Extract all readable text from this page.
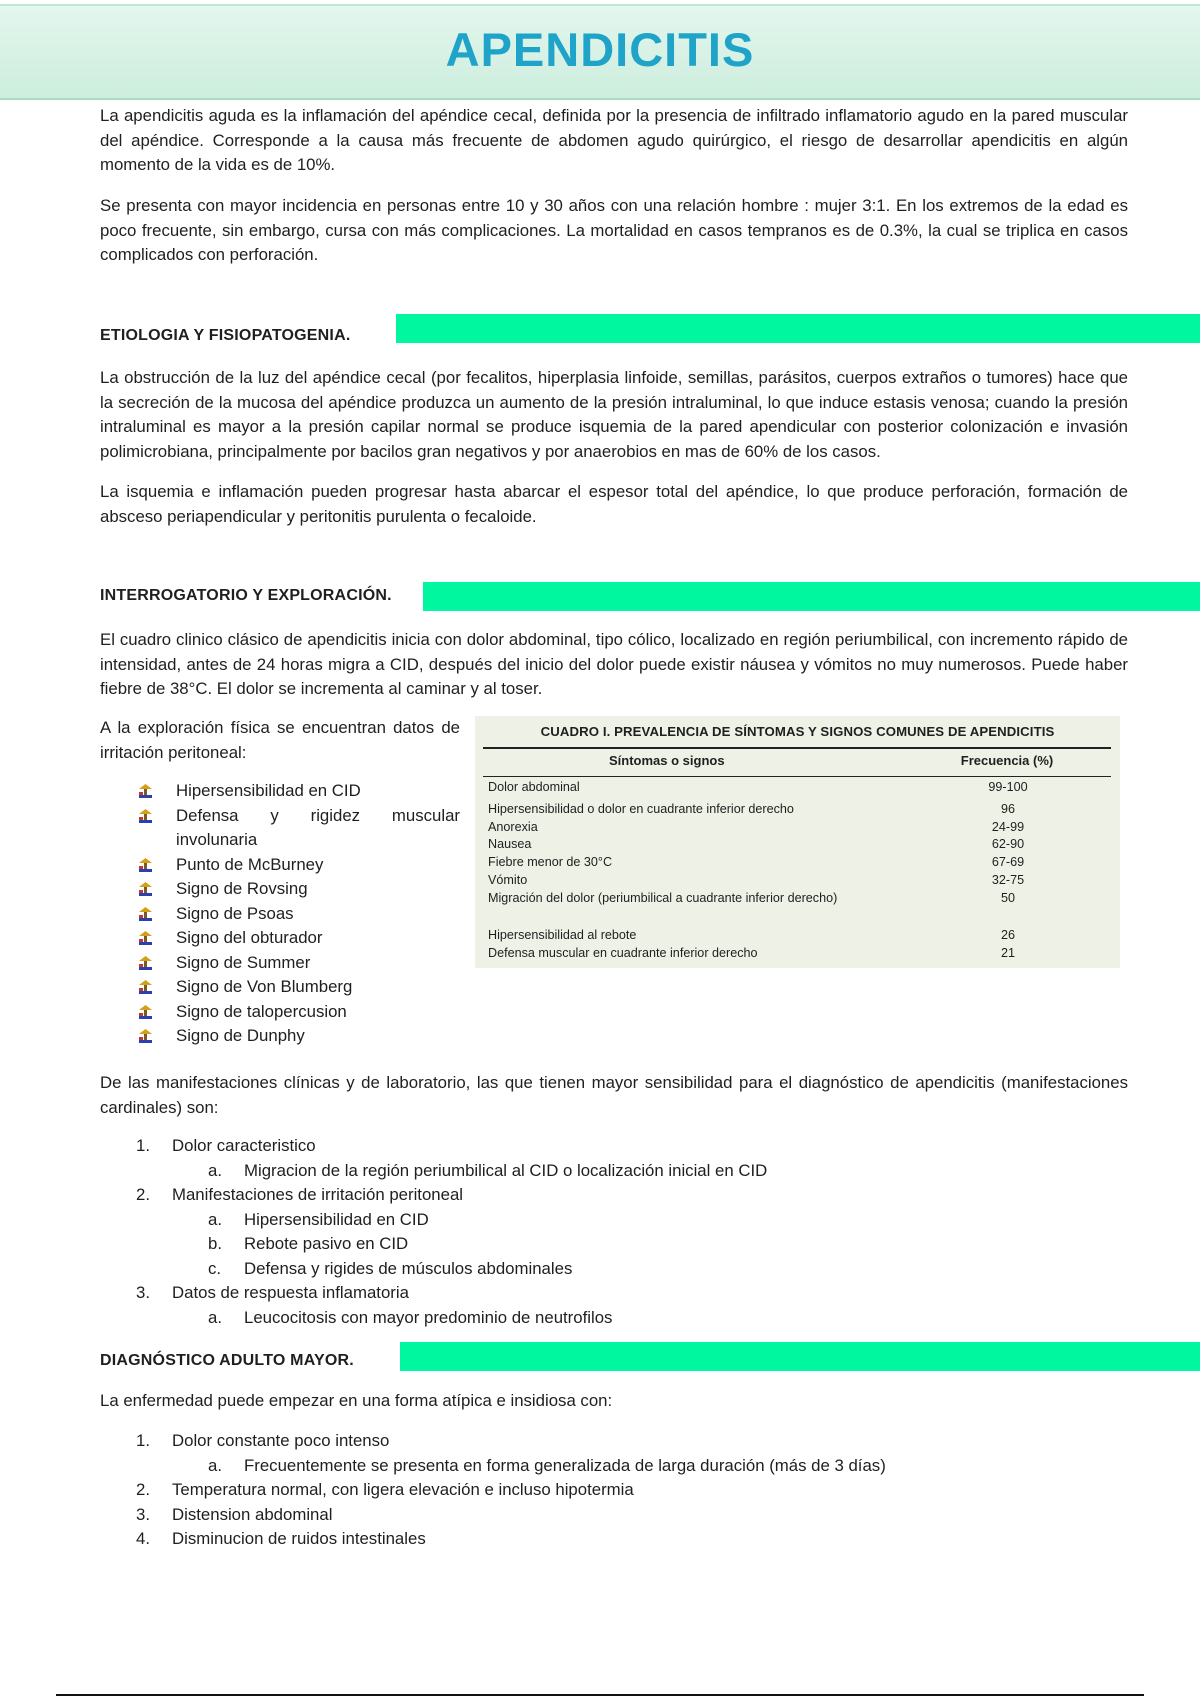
APENDICITIS

La apendicitis aguda es la inflamación del apéndice cecal, definida por la presencia de infiltrado inflamatorio agudo en la pared muscular del apéndice. Corresponde a la causa más frecuente de abdomen agudo quirúrgico, el riesgo de desarrollar apendicitis en algún momento de la vida es de 10%.

Se presenta con mayor incidencia en personas entre 10 y 30 años con una relación hombre : mujer 3:1. En los extremos de la edad es poco frecuente, sin embargo, cursa con más complicaciones. La mortalidad en casos tempranos es de 0.3%, la cual se triplica en casos complicados con perforación.

ETIOLOGIA Y FISIOPATOGENIA.

La obstrucción de la luz del apéndice cecal (por fecalitos, hiperplasia linfoide, semillas, parásitos, cuerpos extraños o tumores) hace que la secreción de la mucosa del apéndice produzca un aumento de la presión intraluminal, lo que induce estasis venosa; cuando la presión intraluminal es mayor a la presión capilar normal se produce isquemia de la pared apendicular con posterior colonización e invasión polimicrobiana, principalmente por bacilos gran negativos y por anaerobios en mas de 60% de los casos.

La isquemia e inflamación pueden progresar hasta abarcar el espesor total del apéndice, lo que produce perforación, formación de absceso periapendicular y peritonitis purulenta o fecaloide.

INTERROGATORIO Y EXPLORACIÓN.

El cuadro clinico clásico de apendicitis inicia con dolor abdominal, tipo cólico, localizado en región periumbilical, con incremento rápido de intensidad, antes de 24 horas migra a CID, después del inicio del dolor puede existir náusea y vómitos no muy numerosos. Puede haber fiebre de 38°C. El dolor se incrementa al caminar y al toser.

A la exploración física se encuentran datos de irritación peritoneal:

Hipersensibilidad en CID
Defensa y rigidez muscular involunaria
Punto de McBurney
Signo de Rovsing
Signo de Psoas
Signo del obturador
Signo de Summer
Signo de Von Blumberg
Signo de talopercusion
Signo de Dunphy
CUADRO I. PREVALENCIA DE SÍNTOMAS Y SIGNOS COMUNES DE APENDICITIS
Síntomas o signos	Frecuencia (%)
Dolor abdominal	99-100
Hipersensibilidad o dolor en cuadrante inferior derecho	96
Anorexia	24-99
Nausea	62-90
Fiebre menor de 30°C	67-69
Vómito	32-75
Migración del dolor (periumbilical a cuadrante inferior derecho)	50
Hipersensibilidad al rebote	26
Defensa muscular en cuadrante inferior derecho	21

De las manifestaciones clínicas y de laboratorio, las que tienen mayor sensibilidad para el diagnóstico de apendicitis (manifestaciones cardinales) son:

1. Dolor caracteristico
a. Migracion de la región periumbilical al CID o localización inicial en CID
2. Manifestaciones de irritación peritoneal
a. Hipersensibilidad en CID
b. Rebote pasivo en CID
c. Defensa y rigides de músculos abdominales
3. Datos de respuesta inflamatoria
a. Leucocitosis con mayor predominio de neutrofilos
DIAGNÓSTICO ADULTO MAYOR.

La enfermedad puede empezar en una forma atípica e insidiosa con:

1. Dolor constante poco intenso
a. Frecuentemente se presenta en forma generalizada de larga duración (más de 3 días)
2. Temperatura normal, con ligera elevación e incluso hipotermia
3. Distension abdominal
4. Disminucion de ruidos intestinales
